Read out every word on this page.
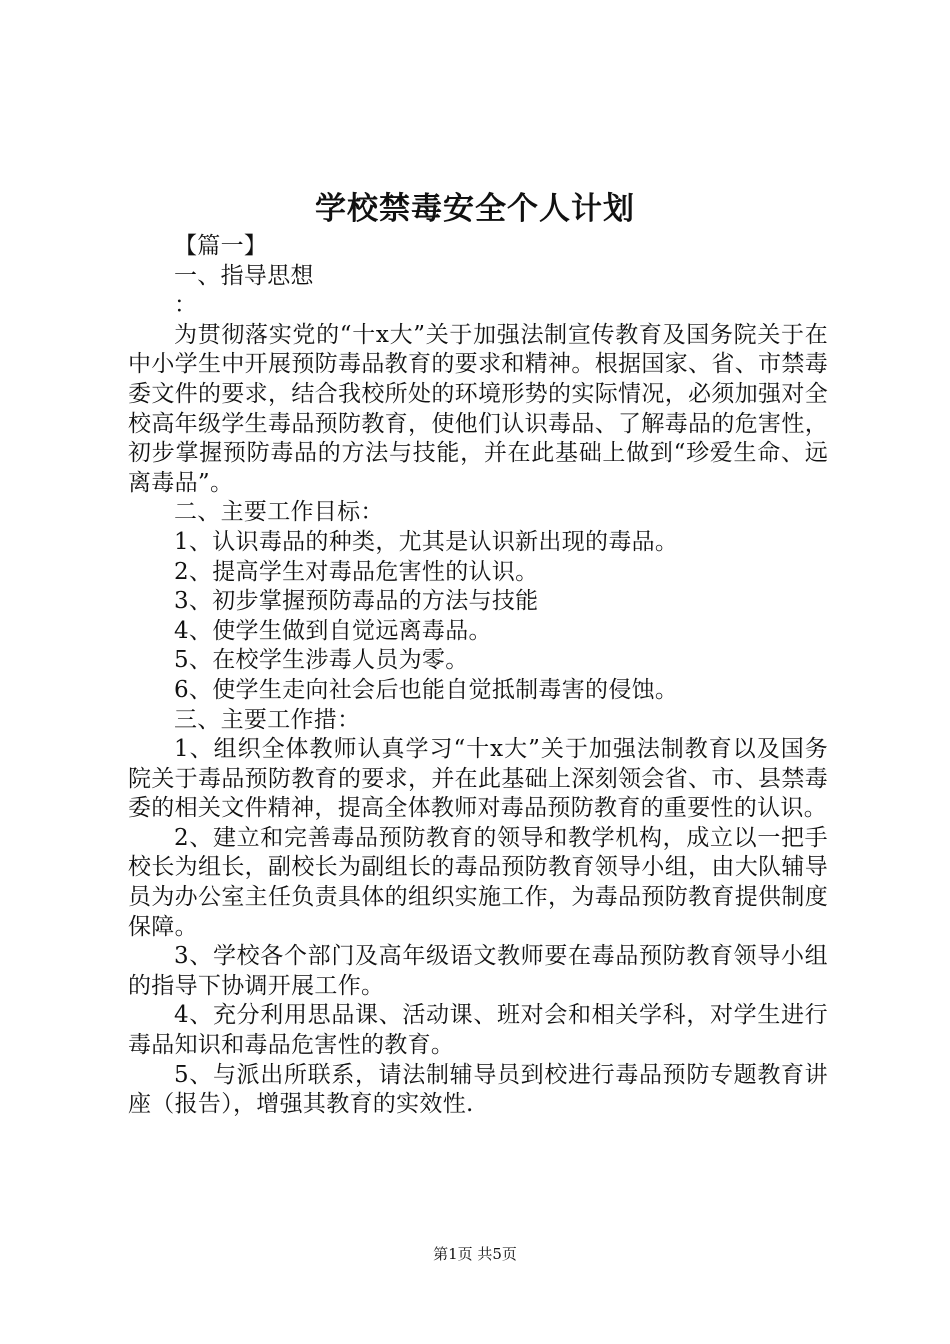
学校禁毒安全个人计划

【篇一】

一、指导思想

：

为贯彻落实党的“十x大”关于加强法制宣传教育及国务院关于在中小学生中开展预防毒品教育的要求和精神。根据国家、省、市禁毒委文件的要求，结合我校所处的环境形势的实际情况，必须加强对全校高年级学生毒品预防教育，使他们认识毒品、了解毒品的危害性，初步掌握预防毒品的方法与技能，并在此基础上做到“珍爱生命、远离毒品”。

二、主要工作目标：

1、认识毒品的种类，尤其是认识新出现的毒品。

2、提高学生对毒品危害性的认识。

3、初步掌握预防毒品的方法与技能

4、使学生做到自觉远离毒品。

5、在校学生涉毒人员为零。

6、使学生走向社会后也能自觉抵制毒害的侵蚀。

三、主要工作措：

1、组织全体教师认真学习“十x大”关于加强法制教育以及国务院关于毒品预防教育的要求，并在此基础上深刻领会省、市、县禁毒委的相关文件精神，提高全体教师对毒品预防教育的重要性的认识。

2、建立和完善毒品预防教育的领导和教学机构，成立以一把手校长为组长，副校长为副组长的毒品预防教育领导小组，由大队辅导员为办公室主任负责具体的组织实施工作，为毒品预防教育提供制度保障。

3、学校各个部门及高年级语文教师要在毒品预防教育领导小组的指导下协调开展工作。

4、充分利用思品课、活动课、班对会和相关学科，对学生进行毒品知识和毒品危害性的教育。

5、与派出所联系，请法制辅导员到校进行毒品预防专题教育讲座（报告），增强其教育的实效性.

第1页 共5页
